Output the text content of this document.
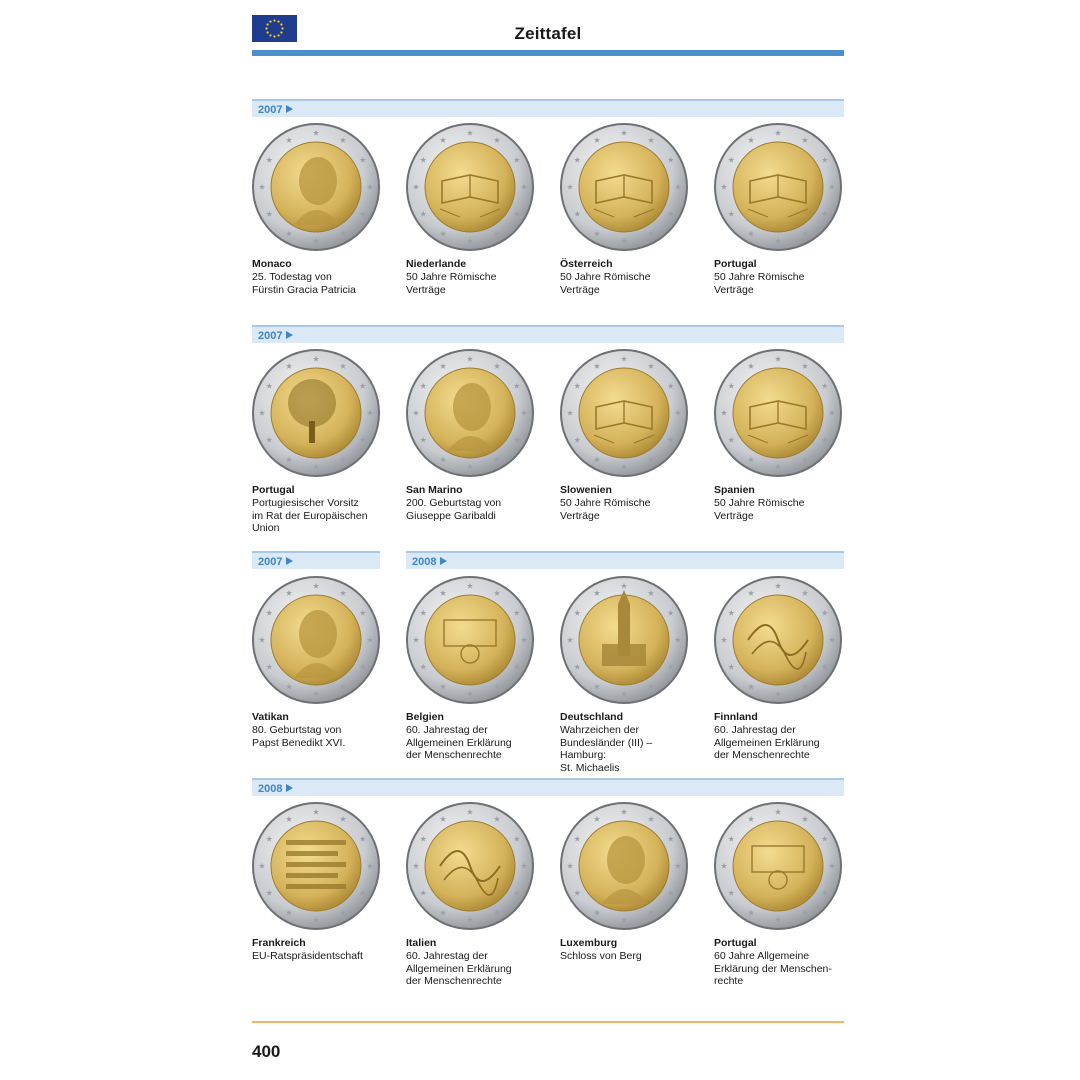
Zeittafel
2007
Monaco
25. Todestag von
Fürstin Gracia Patricia
Niederlande
50 Jahre Römische
Verträge
Österreich
50 Jahre Römische
Verträge
Portugal
50 Jahre Römische
Verträge
2007
Portugal
Portugiesischer Vorsitz
im Rat der Europäischen
Union
San Marino
200. Geburtstag von
Giuseppe Garibaldi
Slowenien
50 Jahre Römische
Verträge
Spanien
50 Jahre Römische
Verträge
2007	2008
Vatikan
80. Geburtstag von
Papst Benedikt XVI.
Belgien
60. Jahrestag der
Allgemeinen Erklärung
der Menschenrechte
Deutschland
Wahrzeichen der
Bundesländer (III) –
Hamburg:
St. Michaelis
Finnland
60. Jahrestag der
Allgemeinen Erklärung
der Menschenrechte
2008
Frankreich
EU-Ratspräsidentschaft
Italien
60. Jahrestag der
Allgemeinen Erklärung
der Menschenrechte
Luxemburg
Schloss von Berg
Portugal
60 Jahre Allgemeine
Erklärung der Menschen-
rechte
400
